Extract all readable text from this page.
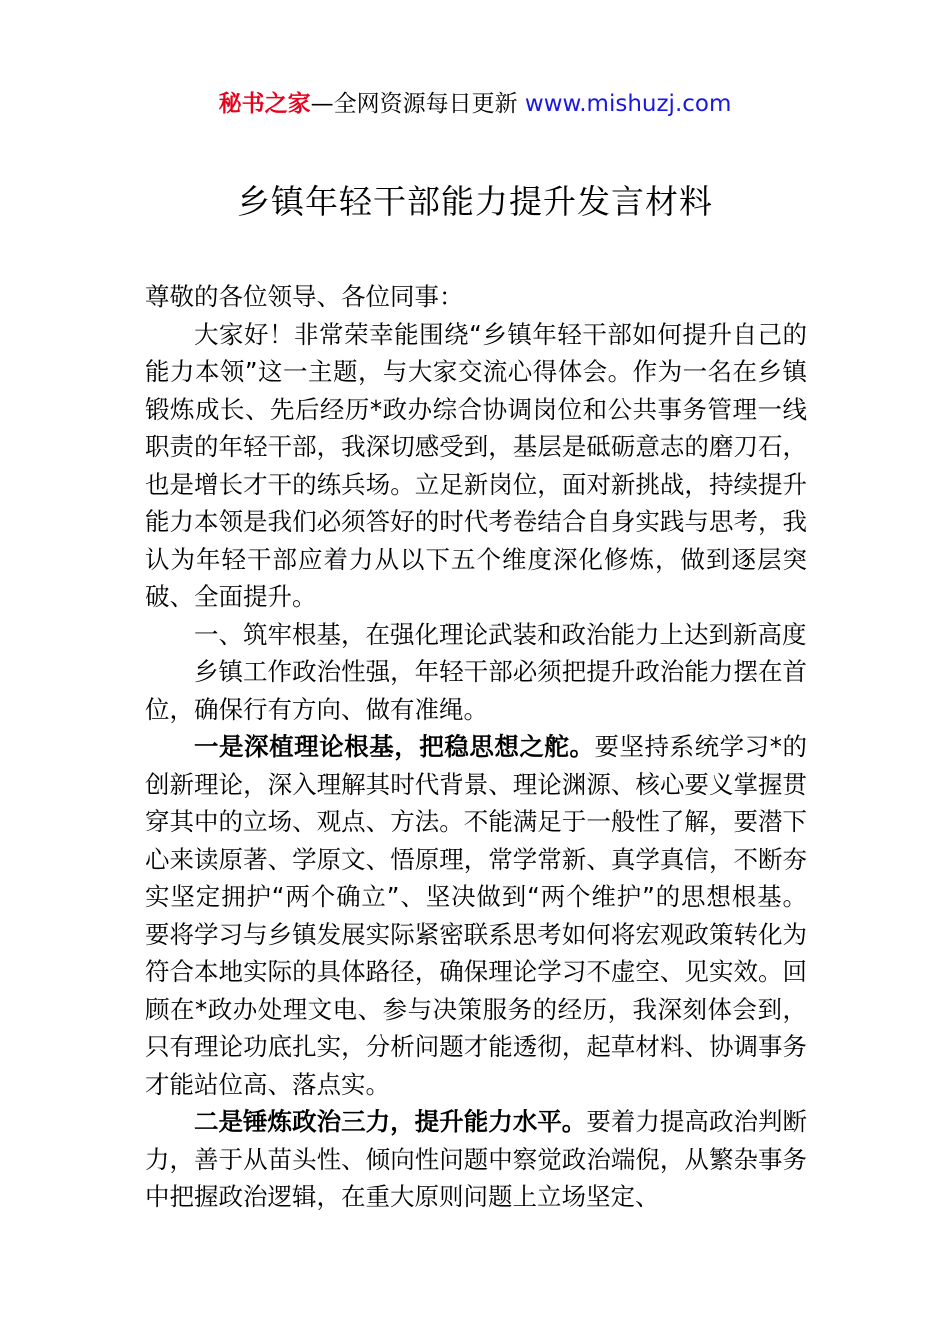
秘书之家—全网资源每日更新 www.mishuzj.com
乡镇年轻干部能力提升发言材料

尊敬的各位领导、各位同事：

大家好！非常荣幸能围绕“乡镇年轻干部如何提升自己的能力本领”这一主题，与大家交流心得体会。作为一名在乡镇锻炼成长、先后经历*政办综合协调岗位和公共事务管理一线职责的年轻干部，我深切感受到，基层是砥砺意志的磨刀石，也是增长才干的练兵场。立足新岗位，面对新挑战，持续提升能力本领是我们必须答好的时代考卷结合自身实践与思考，我认为年轻干部应着力从以下五个维度深化修炼，做到逐层突破、全面提升。

一、筑牢根基，在强化理论武装和政治能力上达到新高度

乡镇工作政治性强，年轻干部必须把提升政治能力摆在首位，确保行有方向、做有准绳。

一是深植理论根基，把稳思想之舵。要坚持系统学习*的创新理论，深入理解其时代背景、理论渊源、核心要义掌握贯穿其中的立场、观点、方法。不能满足于一般性了解，要潜下心来读原著、学原文、悟原理，常学常新、真学真信，不断夯实坚定拥护“两个确立”、坚决做到“两个维护”的思想根基。要将学习与乡镇发展实际紧密联系思考如何将宏观政策转化为符合本地实际的具体路径，确保理论学习不虚空、见实效。回顾在*政办处理文电、参与决策服务的经历，我深刻体会到，只有理论功底扎实，分析问题才能透彻，起草材料、协调事务才能站位高、落点实。

二是锤炼政治三力，提升能力水平。要着力提高政治判断力，善于从苗头性、倾向性问题中察觉政治端倪，从繁杂事务中把握政治逻辑，在重大原则问题上立场坚定、
